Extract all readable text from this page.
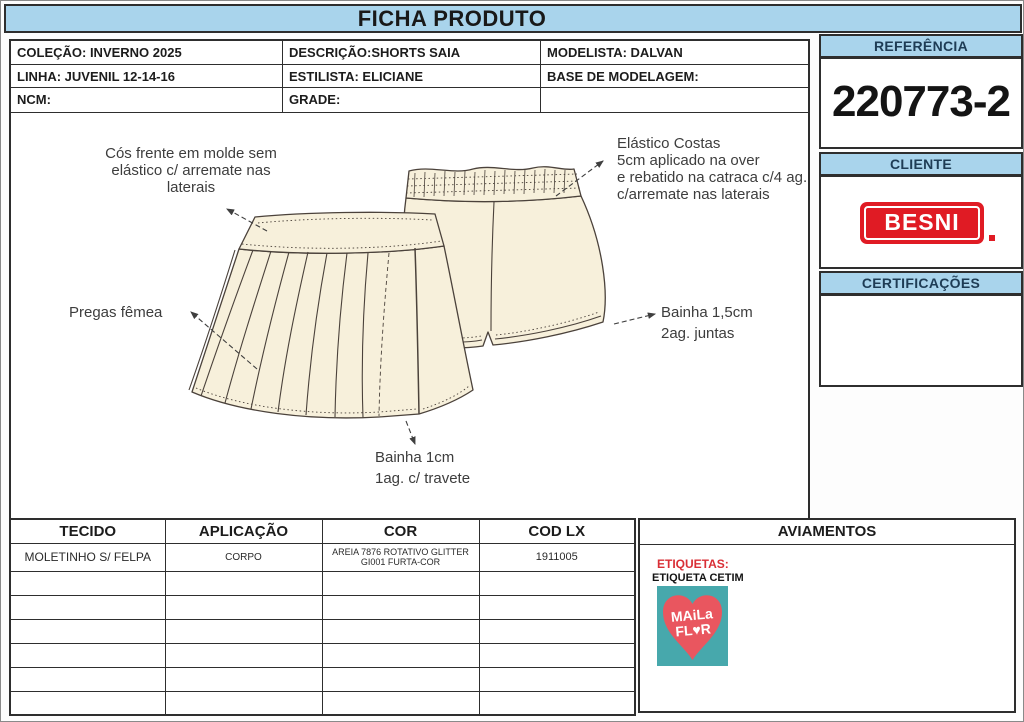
FICHA PRODUTO
COLEÇÃO: INVERNO 2025	DESCRIÇÃO:SHORTS SAIA	MODELISTA: DALVAN
LINHA: JUVENIL 12-14-16	ESTILISTA: ELICIANE	BASE DE MODELAGEM:
NCM:	GRADE:
Cós frente em molde sem
elástico c/ arremate nas
laterais
Elástico Costas
5cm aplicado na over
e rebatido na catraca c/4 ag.
c/arremate nas laterais
Pregas fêmea	Bainha 1,5cm
2ag. juntas
Bainha 1cm
1ag. c/ travete
REFERÊNCIA
220773-2
CLIENTE
BESNI
CERTIFICAÇÕES
TECIDO	APLICAÇÃO	COR	COD LX
MOLETINHO S/ FELPA	CORPO	AREIA 7876 ROTATIVO GLITTER GI001 FURTA-COR	1911005

AVIAMENTOS
ETIQUETAS:
ETIQUETA CETIM
MAiLa
FL♥R
